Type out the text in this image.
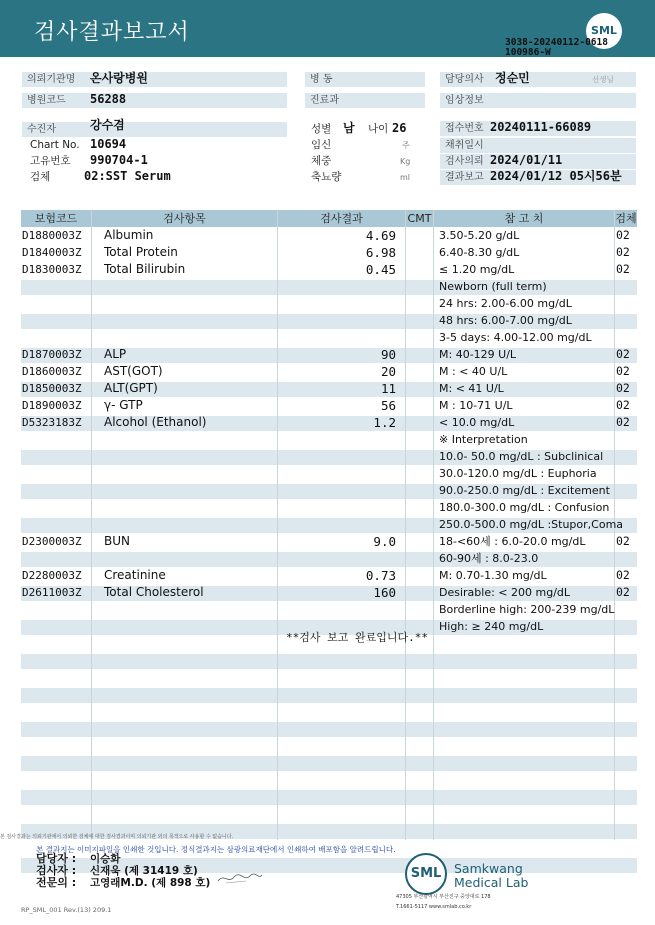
검사결과보고서	SML
3038-20240112-0618
100986-W
의뢰기관명	온사랑병원	병 동	담당의사 정순민	선생님
병원코드	56288	진료과	임상정보
수진자	강수겸	성별 남 나이 26	접수번호 20240111-66089
Chart No. 10694	임신	주	채취일시
고유번호 990704-1	체중	Kg	검사의뢰 2024/01/11
검체	02:SST Serum	축뇨량	ml	결과보고 2024/01/12 05시56분
보험코드	검사항목	검사결과	CMT	참 고 치	검체
D1880003Z Albumin	4.69	3.50-5.20 g/dL	02
D1840003Z Total Protein	6.98	6.40-8.30 g/dL	02
D1830003Z Total Bilirubin	0.45	≤ 1.20 mg/dL	02
Newborn (full term)
24 hrs: 2.00-6.00 mg/dL
48 hrs: 6.00-7.00 mg/dL
3-5 days: 4.00-12.00 mg/dL
D1870003Z ALP	90	M: 40-129 U/L	02
D1860003Z AST(GOT)	20	M : < 40 U/L	02
D1850003Z ALT(GPT)	11	M: < 41 U/L	02
D1890003Z γ- GTP	56	M : 10-71 U/L	02
D5323183Z Alcohol (Ethanol)	1.2	< 10.0 mg/dL	02
※ Interpretation
10.0- 50.0 mg/dL : Subclinical
30.0-120.0 mg/dL : Euphoria
90.0-250.0 mg/dL : Excitement
180.0-300.0 mg/dL : Confusion
250.0-500.0 mg/dL :Stupor,Coma
D2300003Z BUN	9.0	18-<60세 : 6.0-20.0 mg/dL	02
60-90세 : 8.0-23.0
D2280003Z Creatinine	0.73	M: 0.70-1.30 mg/dL	02
D2611003Z Total Cholesterol	160	Desirable: < 200 mg/dL	02
Borderline high: 200-239 mg/dL
High: ≥ 240 mg/dL
**검사 보고 완료입니다.**
본 검사결과는 의뢰기관에서 의뢰한 검체에 대한 검사결과이며 의뢰기관 외의 목적으로 사용할 수 없습니다.
본 결과지는 이미지파일을 인쇄한 것입니다. 정식결과지는 삼광의료재단에서 인쇄하여 배포함을 알려드립니다.
담당자 : 이승화
검사자 : 신재욱 (제 31419 호)
전문의 : 고영래M.D. (제 898 호)
RP_SML_001 Rev.(13) 209.1
SML	Samkwang
Medical Lab
47305 부산광역시 부산진구 중앙대로 178
T.1661-5117 www.smlab.co.kr
